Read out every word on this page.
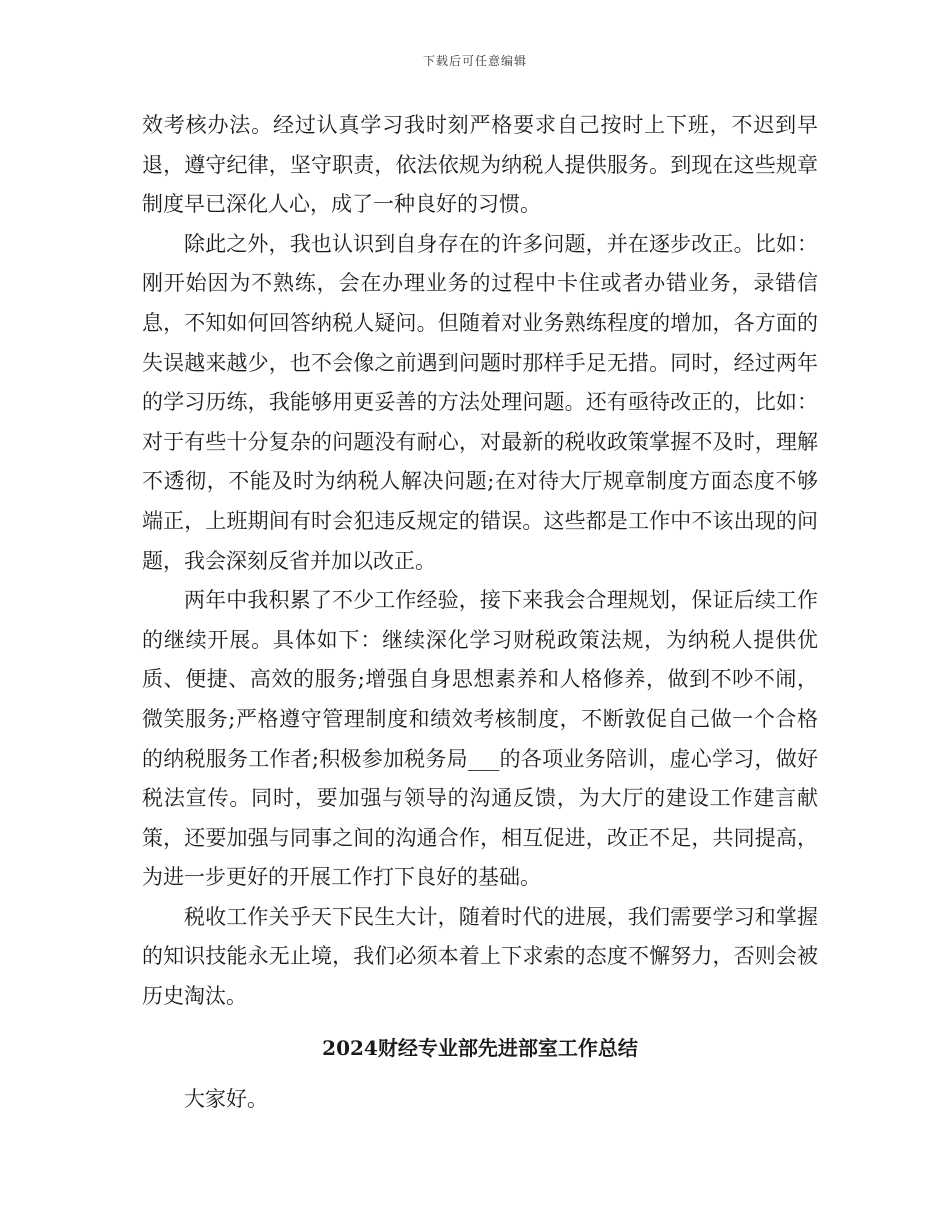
下载后可任意编辑

效考核办法。经过认真学习我时刻严格要求自己按时上下班，不迟到早退，遵守纪律，坚守职责，依法依规为纳税人提供服务。到现在这些规章制度早已深化人心，成了一种良好的习惯。

除此之外，我也认识到自身存在的许多问题，并在逐步改正。比如：刚开始因为不熟练，会在办理业务的过程中卡住或者办错业务，录错信息，不知如何回答纳税人疑问。但随着对业务熟练程度的增加，各方面的失误越来越少，也不会像之前遇到问题时那样手足无措。同时，经过两年的学习历练，我能够用更妥善的方法处理问题。还有亟待改正的，比如：对于有些十分复杂的问题没有耐心，对最新的税收政策掌握不及时，理解不透彻，不能及时为纳税人解决问题;在对待大厅规章制度方面态度不够端正，上班期间有时会犯违反规定的错误。这些都是工作中不该出现的问题，我会深刻反省并加以改正。

两年中我积累了不少工作经验，接下来我会合理规划，保证后续工作的继续开展。具体如下：继续深化学习财税政策法规，为纳税人提供优质、便捷、高效的服务;增强自身思想素养和人格修养，做到不吵不闹，微笑服务;严格遵守管理制度和绩效考核制度，不断敦促自己做一个合格的纳税服务工作者;积极参加税务局___的各项业务陪训，虚心学习，做好税法宣传。同时，要加强与领导的沟通反馈，为大厅的建设工作建言献策，还要加强与同事之间的沟通合作，相互促进，改正不足，共同提高，为进一步更好的开展工作打下良好的基础。

税收工作关乎天下民生大计，随着时代的进展，我们需要学习和掌握的知识技能永无止境，我们必须本着上下求索的态度不懈努力，否则会被历史淘汰。

2024财经专业部先进部室工作总结

大家好。
